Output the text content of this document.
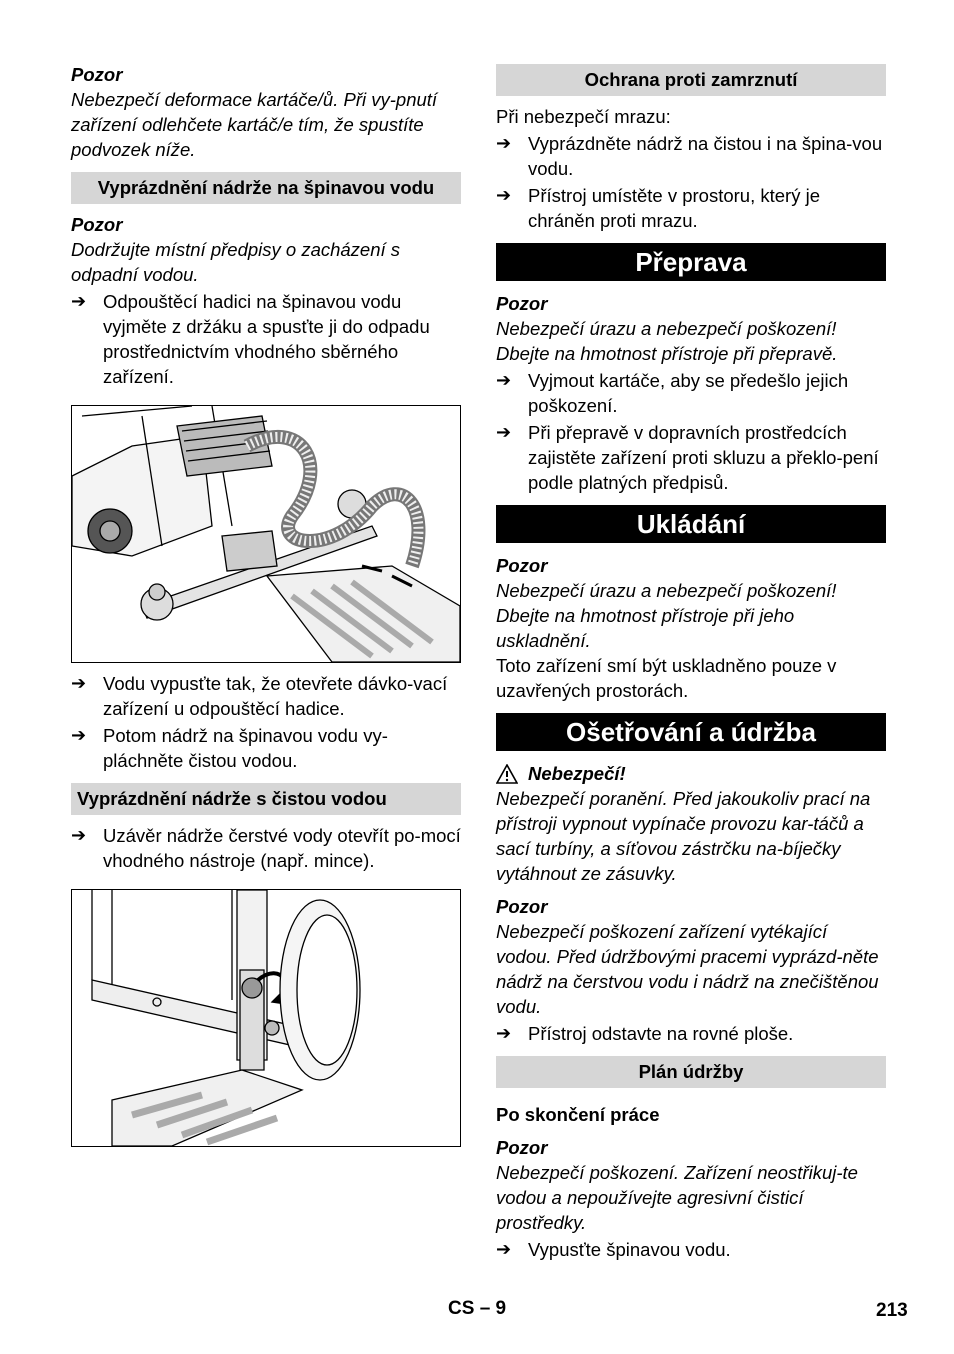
Pozor

Nebezpečí deformace kartáče/ů. Při vy-pnutí zařízení odlehčete kartáč/e tím, že spustíte podvozek níže.

Vyprázdnění nádrže na špinavou vodu

Pozor

Dodržujte místní předpisy o zacházení s odpadní vodou.

➔ Odpouštěcí hadici na špinavou vodu vyjměte z držáku a spusťte ji do odpadu prostřednictvím vhodného sběrného zařízení.
➔ Vodu vypusťte tak, že otevřete dávko-vací zařízení u odpouštěcí hadice.
➔ Potom nádrž na špinavou vodu vy-pláchněte čistou vodou.
Vyprázdnění nádrže s čistou vodou
➔ Uzávěr nádrže čerstvé vody otevřít po-mocí vhodného nástroje (např. mince).
Ochrana proti zamrznutí

Při nebezpečí mrazu:

➔ Vyprázdněte nádrž na čistou i na špina-vou vodu.
➔ Přístroj umístěte v prostoru, který je chráněn proti mrazu.
Přeprava

Pozor

Nebezpečí úrazu a nebezpečí poškození! Dbejte na hmotnost přístroje při přepravě.

➔ Vyjmout kartáče, aby se předešlo jejich poškození.
➔ Při přepravě v dopravních prostředcích zajistěte zařízení proti skluzu a překlo-pení podle platných předpisů.
Ukládání

Pozor

Nebezpečí úrazu a nebezpečí poškození! Dbejte na hmotnost přístroje při jeho uskladnění.

Toto zařízení smí být uskladněno pouze v uzavřených prostorách.

Ošetřování a údržba
Nebezpečí!

Nebezpečí poranění. Před jakoukoliv prací na přístroji vypnout vypínače provozu kar-táčů a sací turbíny, a síťovou zástrčku na-bíječky vytáhnout ze zásuvky.

Pozor

Nebezpečí poškození zařízení vytékající vodou. Před údržbovými pracemi vyprázd-něte nádrž na čerstvou vodu i nádrž na znečištěnou vodu.

➔ Přístroj odstavte na rovné ploše.
Plán údržby

Po skončení práce

Pozor

Nebezpečí poškození. Zařízení neostřikuj-te vodou a nepoužívejte agresivní čisticí prostředky.

➔ Vypusťte špinavou vodu.
CS – 9	213
